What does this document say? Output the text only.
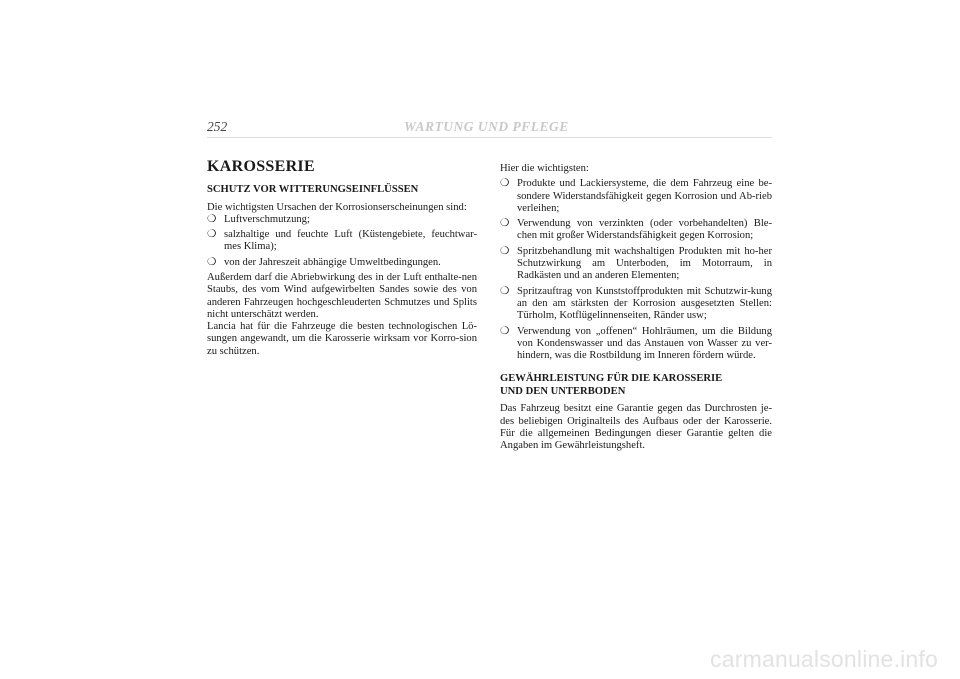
252	WARTUNG UND PFLEGE
KAROSSERIE
SCHUTZ VOR WITTERUNGSEINFLÜSSEN

Die wichtigsten Ursachen der Korrosionserscheinungen sind:

❍ Luftverschmutzung;
❍ salzhaltige und feuchte Luft (Küstengebiete, feuchtwar-mes Klima);
❍ von der Jahreszeit abhängige Umweltbedingungen.

Außerdem darf die Abriebwirkung des in der Luft enthalte-nen Staubs, des vom Wind aufgewirbelten Sandes sowie des von anderen Fahrzeugen hochgeschleuderten Schmutzes und Splits nicht unterschätzt werden.

Lancia hat für die Fahrzeuge die besten technologischen Lö-sungen angewandt, um die Karosserie wirksam vor Korro-sion zu schützen.

Hier die wichtigsten:

❍ Produkte und Lackiersysteme, die dem Fahrzeug eine be-sondere Widerstandsfähigkeit gegen Korrosion und Ab-rieb verleihen;
❍ Verwendung von verzinkten (oder vorbehandelten) Ble-chen mit großer Widerstandsfähigkeit gegen Korrosion;
❍ Spritzbehandlung mit wachshaltigen Produkten mit ho-her Schutzwirkung am Unterboden, im Motorraum, in Radkästen und an anderen Elementen;
❍ Spritzauftrag von Kunststoffprodukten mit Schutzwir-kung an den am stärksten der Korrosion ausgesetzten Stellen: Türholm, Kotflügelinnenseiten, Ränder usw;
❍ Verwendung von „offenen“ Hohlräumen, um die Bildung von Kondenswasser und das Anstauen von Wasser zu ver-hindern, was die Rostbildung im Inneren fördern würde.
GEWÄHRLEISTUNG FÜR DIE KAROSSERIE
UND DEN UNTERBODEN

Das Fahrzeug besitzt eine Garantie gegen das Durchrosten je-des beliebigen Originalteils des Aufbaus oder der Karosserie. Für die allgemeinen Bedingungen dieser Garantie gelten die Angaben im Gewährleistungsheft.

carmanualsonline.info
